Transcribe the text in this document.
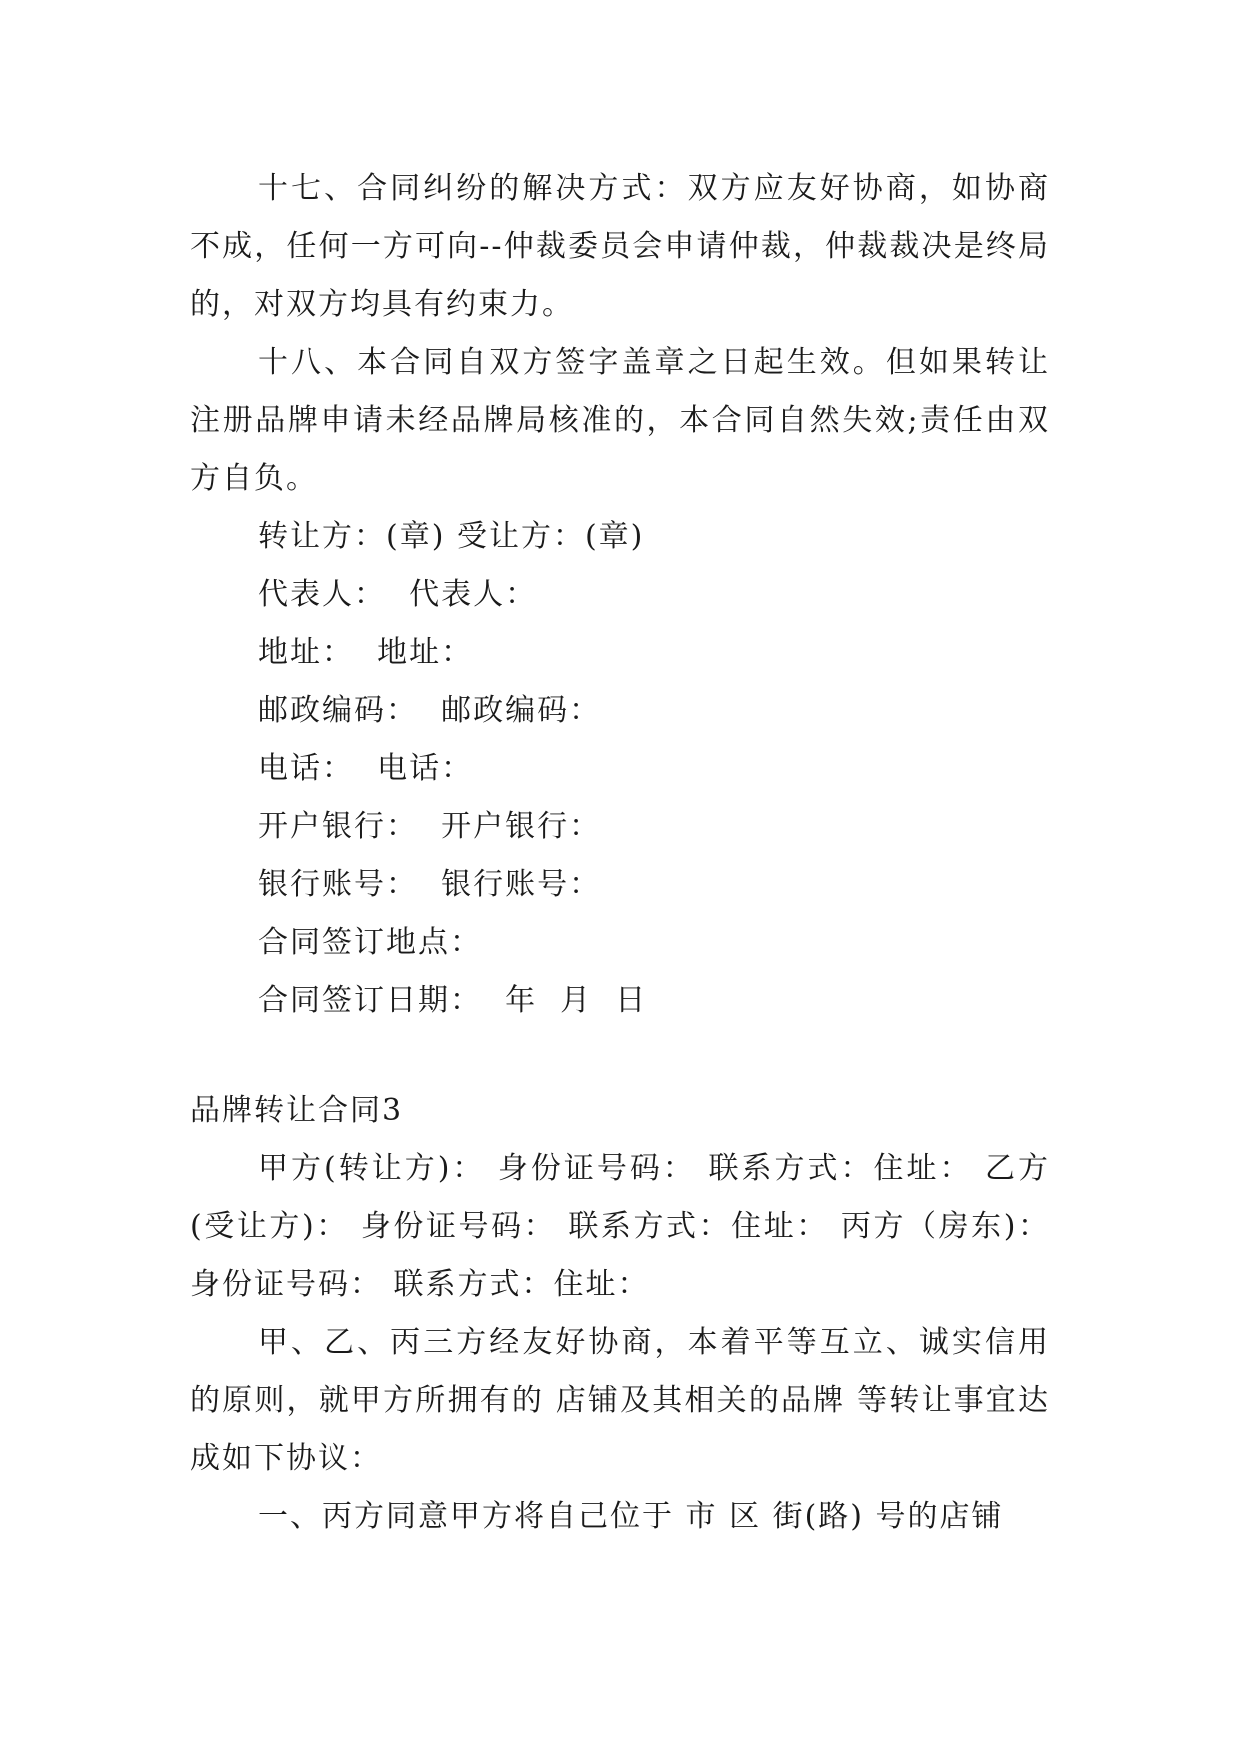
十七、合同纠纷的解决方式：双方应友好协商，如协商不成，任何一方可向--仲裁委员会申请仲裁，仲裁裁决是终局的，对双方均具有约束力。

十八、本合同自双方签字盖章之日起生效。但如果转让注册品牌申请未经品牌局核准的，本合同自然失效;责任由双方自负。

转让方：(章) 受让方：(章)

代表人：  代表人：

地址：  地址：

邮政编码：  邮政编码：

电话：  电话：

开户银行：  开户银行：

银行账号：  银行账号：

合同签订地点：

合同签订日期：  年  月  日

品牌转让合同3

甲方(转让方)： 身份证号码： 联系方式：住址： 乙方(受让方)： 身份证号码： 联系方式：住址： 丙方（房东)： 身份证号码： 联系方式：住址：

甲、乙、丙三方经友好协商，本着平等互立、诚实信用的原则，就甲方所拥有的 店铺及其相关的品牌 等转让事宜达成如下协议：

一、丙方同意甲方将自己位于 市 区 街(路) 号的店铺
